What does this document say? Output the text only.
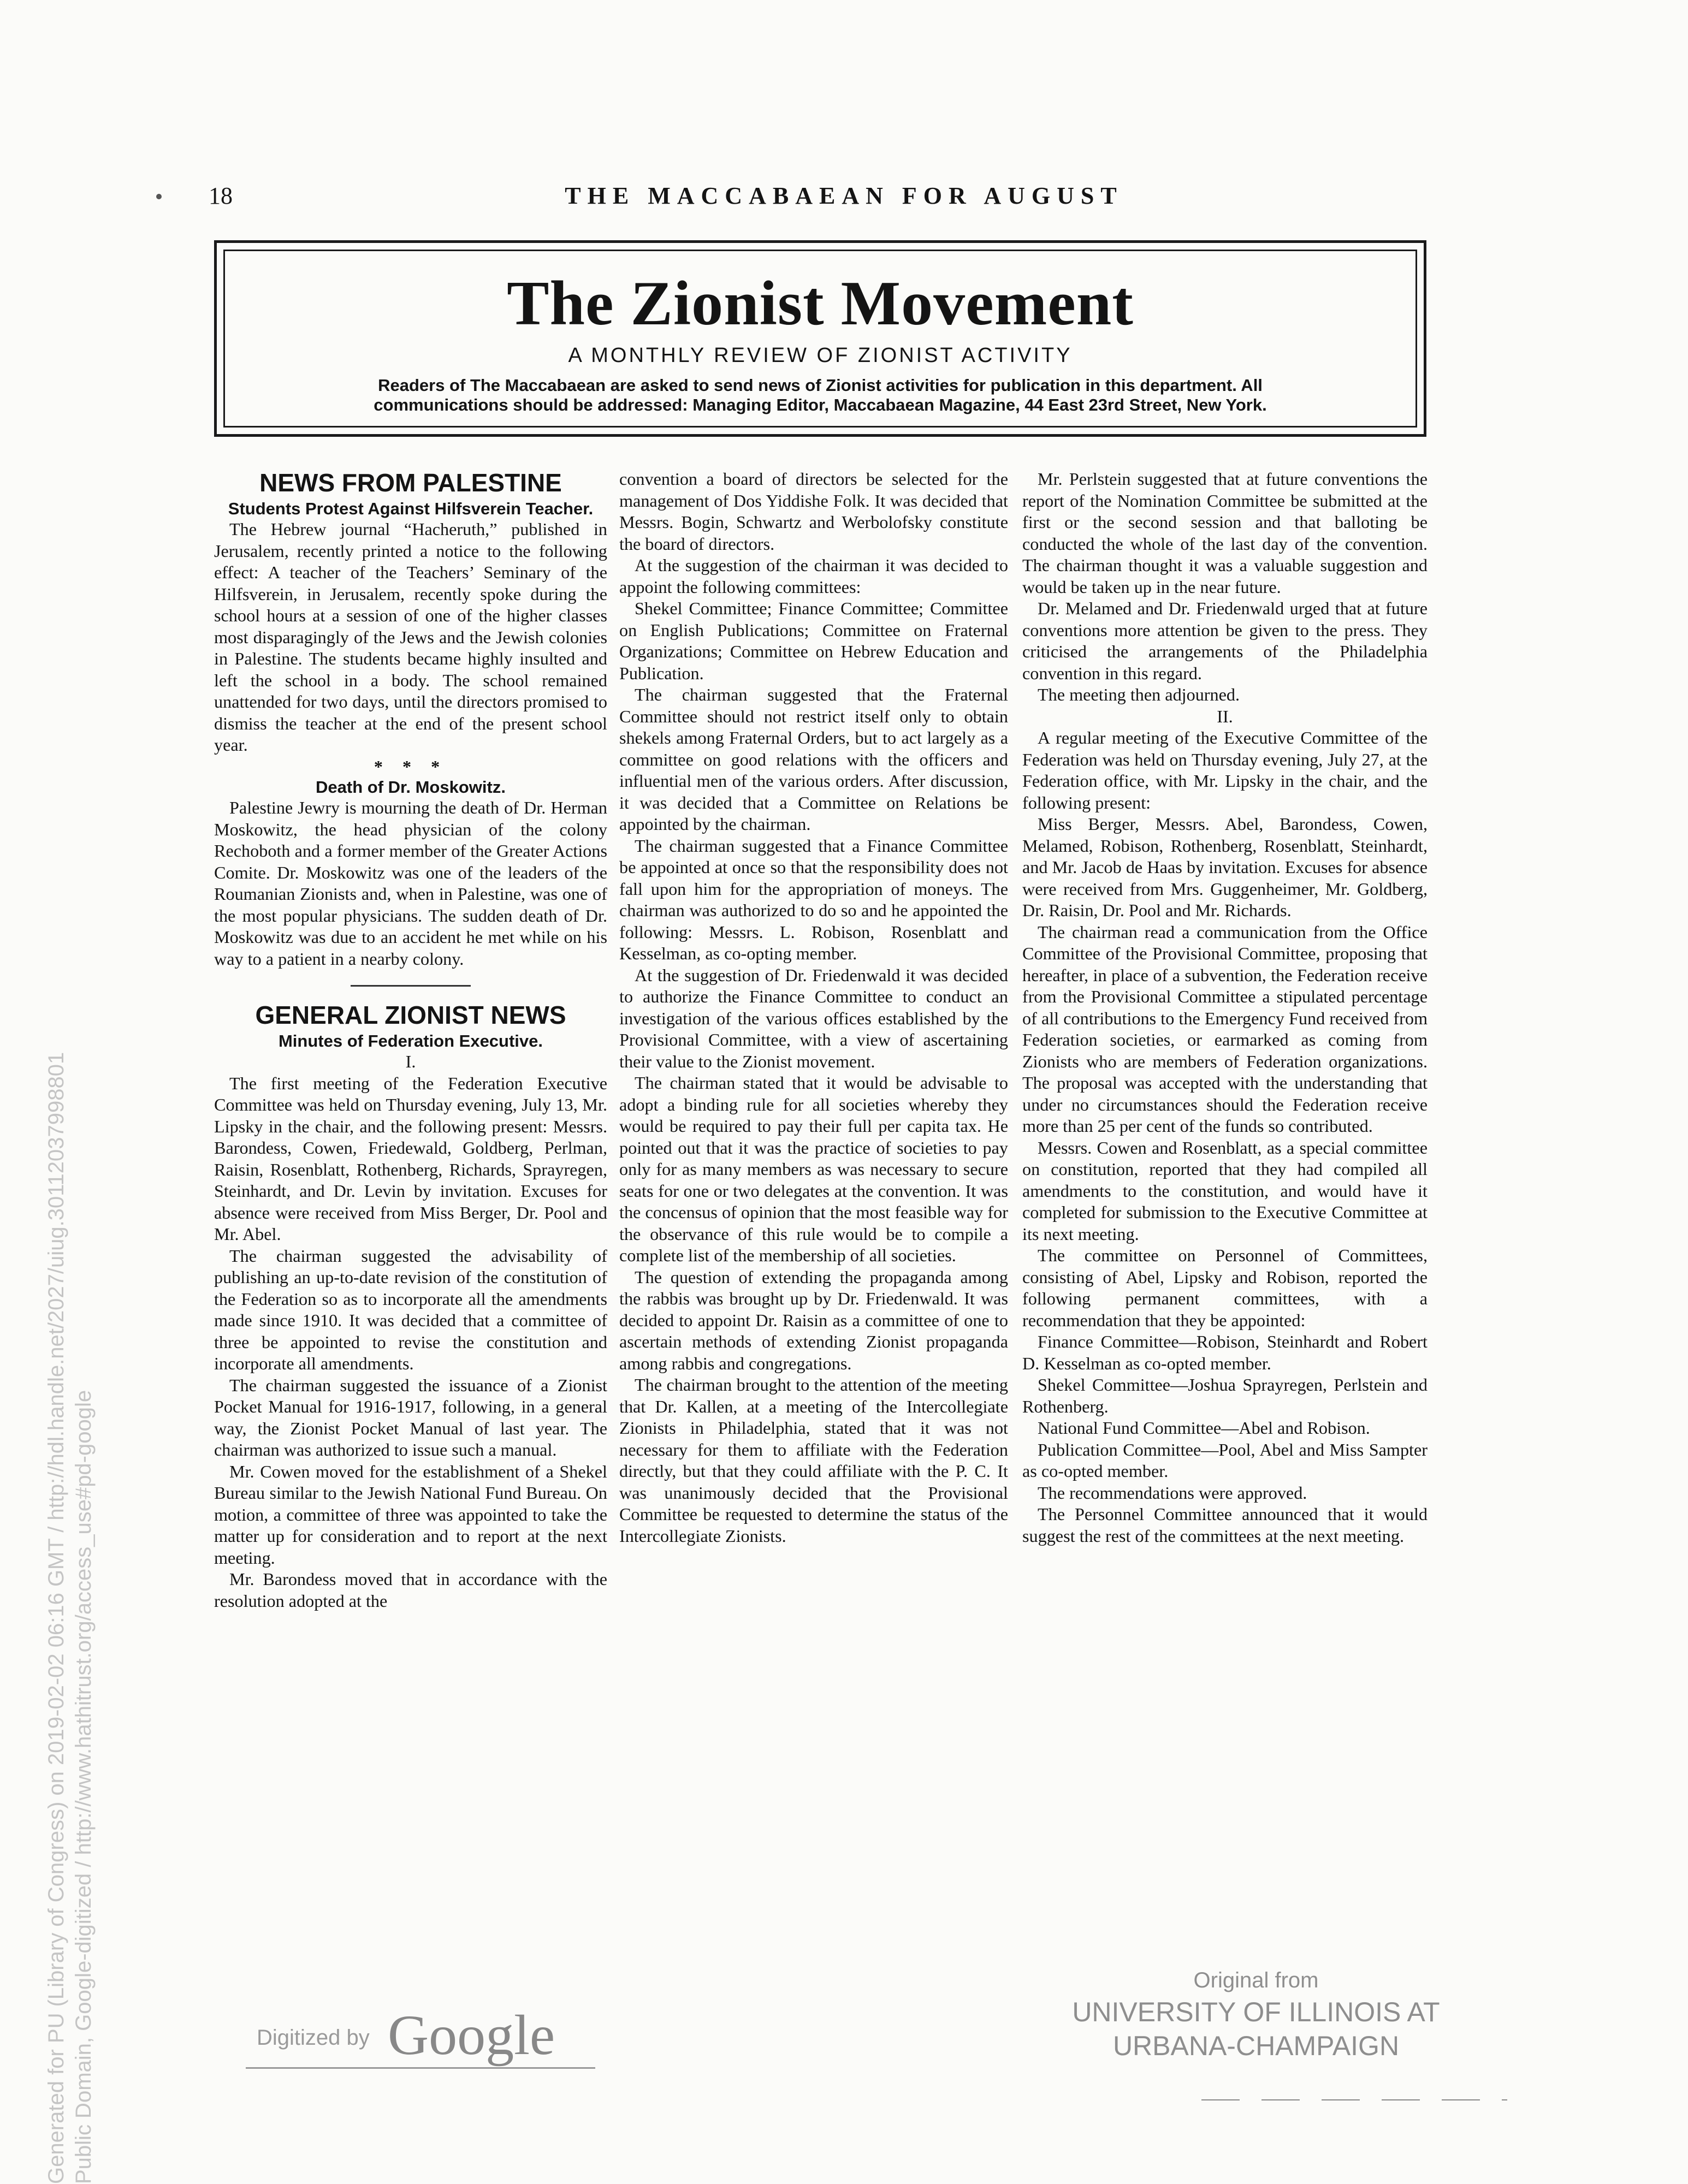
18	THE MACCABAEAN FOR AUGUST
The Zionist Movement
A MONTHLY REVIEW OF ZIONIST ACTIVITY
Readers of The Maccabaean are asked to send news of Zionist activities for publication in this department. All
communications should be addressed: Managing Editor, Maccabaean Magazine, 44 East 23rd Street, New York.
NEWS FROM PALESTINE
Students Protest Against Hilfsverein Teacher.

The Hebrew journal “Hacheruth,” published in Jerusalem, recently printed a notice to the following effect: A teacher of the Teachers’ Seminary of the Hilfsverein, in Jerusalem, recently spoke during the school hours at a session of one of the higher classes most disparagingly of the Jews and the Jewish colonies in Palestine. The students became highly insulted and left the school in a body. The school remained unattended for two days, until the directors promised to dismiss the teacher at the end of the present school year.

* * *
Death of Dr. Moskowitz.

Palestine Jewry is mourning the death of Dr. Herman Moskowitz, the head physician of the colony Rechoboth and a former member of the Greater Actions Comite. Dr. Moskowitz was one of the leaders of the Roumanian Zionists and, when in Palestine, was one of the most popular physicians. The sudden death of Dr. Moskowitz was due to an accident he met while on his way to a patient in a nearby colony.

GENERAL ZIONIST NEWS
Minutes of Federation Executive.
I.

The first meeting of the Federation Executive Committee was held on Thursday evening, July 13, Mr. Lipsky in the chair, and the following present: Messrs. Barondess, Cowen, Friedewald, Goldberg, Perlman, Raisin, Rosenblatt, Rothenberg, Richards, Sprayregen, Steinhardt, and Dr. Levin by invitation. Excuses for absence were received from Miss Berger, Dr. Pool and Mr. Abel.

The chairman suggested the advisability of publishing an up-to-date revision of the constitution of the Federation so as to incorporate all the amendments made since 1910. It was decided that a committee of three be appointed to revise the constitution and incorporate all amendments.

The chairman suggested the issuance of a Zionist Pocket Manual for 1916-1917, following, in a general way, the Zionist Pocket Manual of last year. The chairman was authorized to issue such a manual.

Mr. Cowen moved for the establishment of a Shekel Bureau similar to the Jewish National Fund Bureau. On motion, a committee of three was appointed to take the matter up for consideration and to report at the next meeting.

Mr. Barondess moved that in accordance with the resolution adopted at the

convention a board of directors be selected for the management of Dos Yiddishe Folk. It was decided that Messrs. Bogin, Schwartz and Werbolofsky constitute the board of directors.

At the suggestion of the chairman it was decided to appoint the following committees:

Shekel Committee; Finance Committee; Committee on English Publications; Committee on Fraternal Organizations; Committee on Hebrew Education and Publication.

The chairman suggested that the Fraternal Committee should not restrict itself only to obtain shekels among Fraternal Orders, but to act largely as a committee on good relations with the officers and influential men of the various orders. After discussion, it was decided that a Committee on Relations be appointed by the chairman.

The chairman suggested that a Finance Committee be appointed at once so that the responsibility does not fall upon him for the appropriation of moneys. The chairman was authorized to do so and he appointed the following: Messrs. L. Robison, Rosenblatt and Kesselman, as co-opting member.

At the suggestion of Dr. Friedenwald it was decided to authorize the Finance Committee to conduct an investigation of the various offices established by the Provisional Committee, with a view of ascertaining their value to the Zionist movement.

The chairman stated that it would be advisable to adopt a binding rule for all societies whereby they would be required to pay their full per capita tax. He pointed out that it was the practice of societies to pay only for as many members as was necessary to secure seats for one or two delegates at the convention. It was the concensus of opinion that the most feasible way for the observance of this rule would be to compile a complete list of the membership of all societies.

The question of extending the propaganda among the rabbis was brought up by Dr. Friedenwald. It was decided to appoint Dr. Raisin as a committee of one to ascertain methods of extending Zionist propaganda among rabbis and congregations.

The chairman brought to the attention of the meeting that Dr. Kallen, at a meeting of the Intercollegiate Zionists in Philadelphia, stated that it was not necessary for them to affiliate with the Federation directly, but that they could affiliate with the P. C. It was unanimously decided that the Provisional Committee be requested to determine the status of the Intercollegiate Zionists.

Mr. Perlstein suggested that at future conventions the report of the Nomination Committee be submitted at the first or the second session and that balloting be conducted the whole of the last day of the convention. The chairman thought it was a valuable suggestion and would be taken up in the near future.

Dr. Melamed and Dr. Friedenwald urged that at future conventions more attention be given to the press. They criticised the arrangements of the Philadelphia convention in this regard.

The meeting then adjourned.

II.

A regular meeting of the Executive Committee of the Federation was held on Thursday evening, July 27, at the Federation office, with Mr. Lipsky in the chair, and the following present:

Miss Berger, Messrs. Abel, Barondess, Cowen, Melamed, Robison, Rothenberg, Rosenblatt, Steinhardt, and Mr. Jacob de Haas by invitation. Excuses for absence were received from Mrs. Guggenheimer, Mr. Goldberg, Dr. Raisin, Dr. Pool and Mr. Richards.

The chairman read a communication from the Office Committee of the Provisional Committee, proposing that hereafter, in place of a subvention, the Federation receive from the Provisional Committee a stipulated percentage of all contributions to the Emergency Fund received from Federation societies, or earmarked as coming from Zionists who are members of Federation organizations. The proposal was accepted with the understanding that under no circumstances should the Federation receive more than 25 per cent of the funds so contributed.

Messrs. Cowen and Rosenblatt, as a special committee on constitution, reported that they had compiled all amendments to the constitution, and would have it completed for submission to the Executive Committee at its next meeting.

The committee on Personnel of Committees, consisting of Abel, Lipsky and Robison, reported the following permanent committees, with a recommendation that they be appointed:

Finance Committee—Robison, Steinhardt and Robert D. Kesselman as co-opted member.

Shekel Committee—Joshua Sprayregen, Perlstein and Rothenberg.

National Fund Committee—Abel and Robison.

Publication Committee—Pool, Abel and Miss Sampter as co-opted member.

The recommendations were approved.

The Personnel Committee announced that it would suggest the rest of the committees at the next meeting.

Digitized by Google
Original from
UNIVERSITY OF ILLINOIS AT
URBANA-CHAMPAIGN
Generated for PU (Library of Congress) on 2019-02-02 06:16 GMT / http://hdl.handle.net/2027/uiug.30112037998801 Public Domain, Google-digitized / http://www.hathitrust.org/access_use#pd-google
